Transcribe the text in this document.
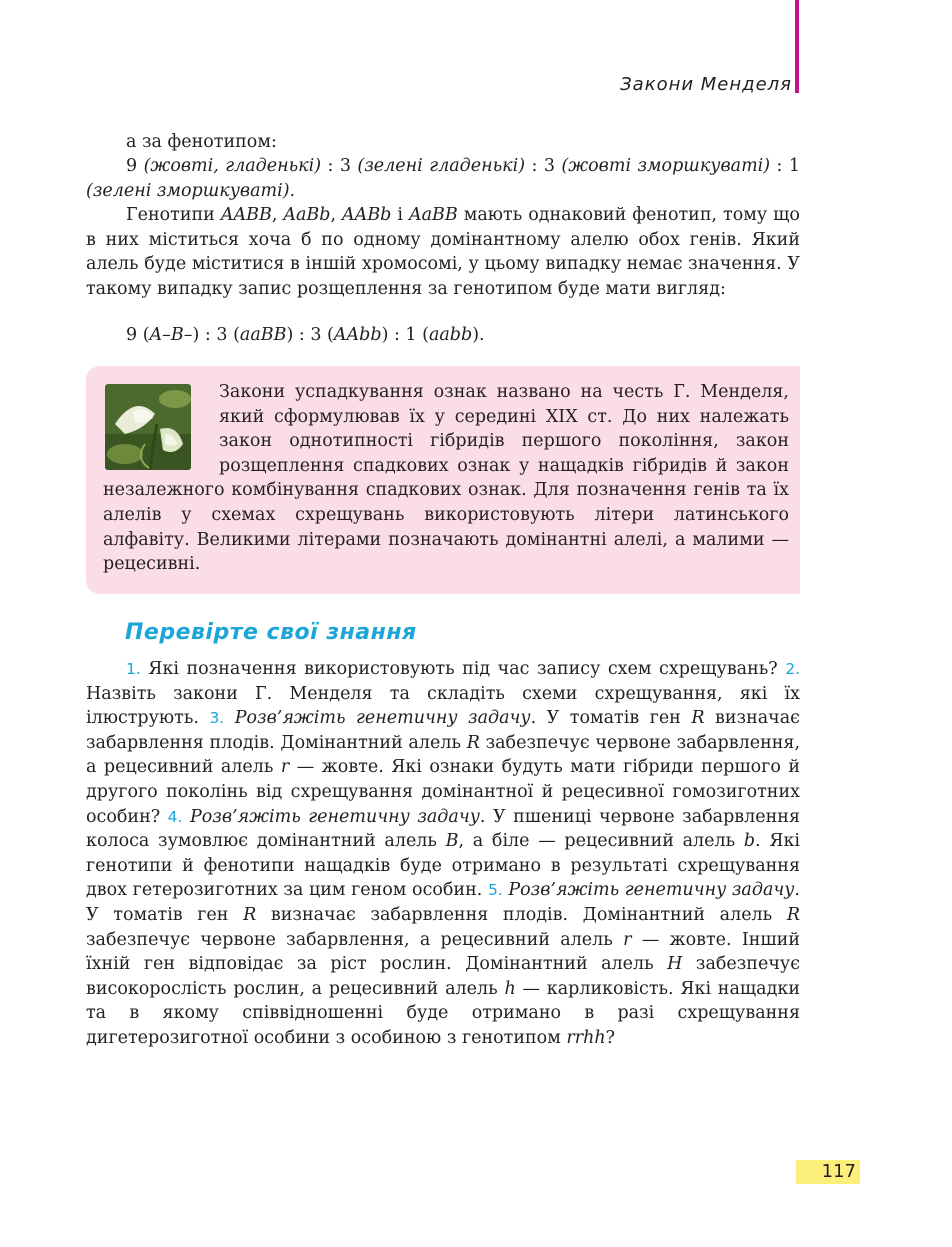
Закони Менделя

а за фенотипом:

9 (жовті, гладенькі) : 3 (зелені гладенькі) : 3 (жовті зморшкуваті) : 1 (зелені зморшкуваті).

Генотипи AABB, AaBb, AABb і AaBB мають однаковий фенотип, тому що в них міститься хоча б по одному домінантному алелю обох генів. Який алель буде міститися в іншій хромосомі, у цьому випадку немає значення. У такому випадку запис розщеплення за генотипом буде мати вигляд:

9 (A–B–) : 3 (aaBB) : 3 (AAbb) : 1 (aabb).

Закони успадкування ознак названо на честь Г. Менделя, який сформулював їх у середині XIX ст. До них належать закон однотипності гібридів першого покоління, закон розщеплення спадкових ознак у нащадків гібридів й закон незалежного комбінування спадкових ознак. Для позначення генів та їх алелів у схемах схрещувань використовують літери латинського алфавіту. Великими літерами позначають домінантні алелі, а малими — рецесивні.

Перевірте свої знання

1. Які позначення використовують під час запису схем схрещувань? 2. Назвіть закони Г. Менделя та складіть схеми схрещування, які їх ілюструють. 3. Розв’яжіть генетичну задачу. У томатів ген R визначає забарвлення плодів. Домінантний алель R забезпечує червоне забарвлення, а рецесивний алель r — жовте. Які ознаки будуть мати гібриди першого й другого поколінь від схрещування домінантної й рецесивної гомозиготних особин? 4. Розв’яжіть генетичну задачу. У пшениці червоне забарвлення колоса зумовлює домінантний алель B, а біле — рецесивний алель b. Які генотипи й фенотипи нащадків буде отримано в результаті схрещування двох гетерозиготних за цим геном особин. 5. Розв’яжіть генетичну задачу. У томатів ген R визначає забарвлення плодів. Домінантний алель R забезпечує червоне забарвлення, а рецесивний алель r — жовте. Інший їхній ген відповідає за ріст рослин. Домінантний алель H забезпечує високорослість рослин, а рецесивний алель h — карликовість. Які нащадки та в якому співвідношенні буде отримано в разі схрещування дигетерозиготної особини з особиною з генотипом rrhh?

117
